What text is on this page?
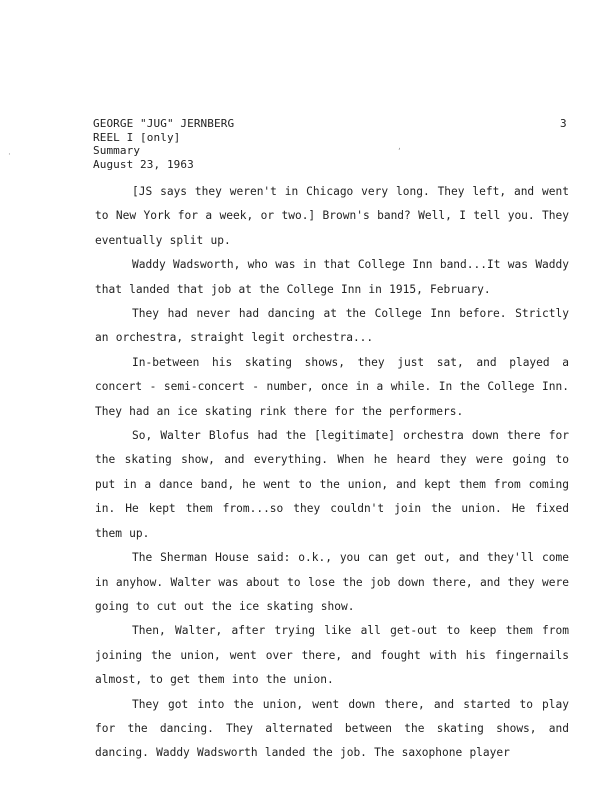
GEORGE "JUG" JERNBERG
REEL I [only]
Summary
August 23, 1963
3
·
,

[JS says they weren't in Chicago very long. They left, and went to New York for a week, or two.] Brown's band? Well, I tell you. They eventually split up.

Waddy Wadsworth, who was in that College Inn band...It was Waddy that landed that job at the College Inn in 1915, February.

They had never had dancing at the College Inn before. Strictly an orchestra, straight legit orchestra...

In-between his skating shows, they just sat, and played a concert - semi-concert - number, once in a while. In the College Inn. They had an ice skating rink there for the performers.

So, Walter Blofus had the [legitimate] orchestra down there for the skating show, and everything. When he heard they were going to put in a dance band, he went to the union, and kept them from coming in. He kept them from...so they couldn't join the union. He fixed them up.

The Sherman House said: o.k., you can get out, and they'll come in anyhow. Walter was about to lose the job down there, and they were going to cut out the ice skating show.

Then, Walter, after trying like all get-out to keep them from joining the union, went over there, and fought with his fingernails almost, to get them into the union.

They got into the union, went down there, and started to play for the dancing. They alternated between the skating shows, and dancing. Waddy Wadsworth landed the job. The saxophone player
